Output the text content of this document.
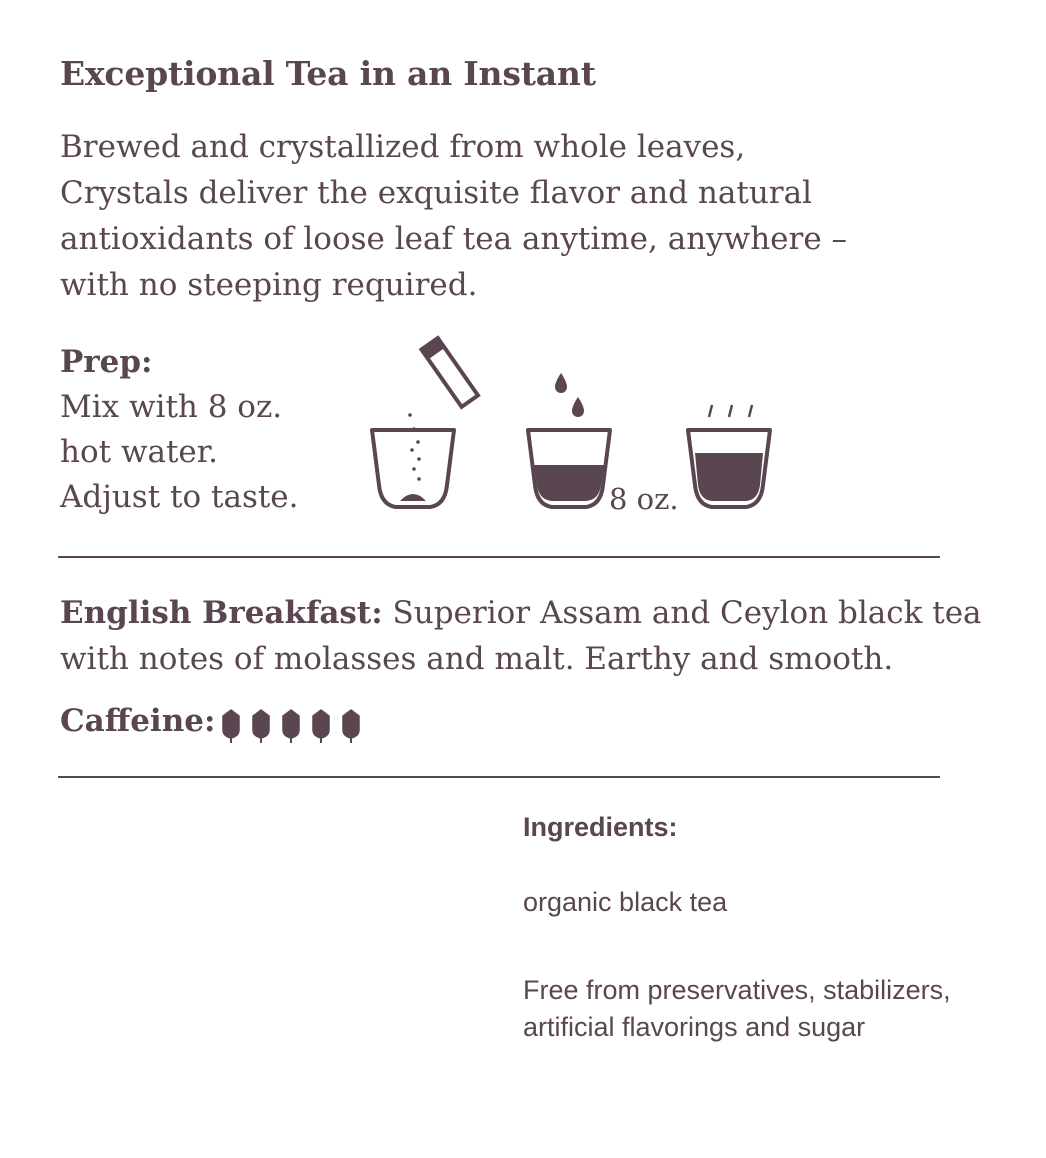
Exceptional Tea in an Instant
Brewed and crystallized from whole leaves,
Crystals deliver the exquisite flavor and natural
antioxidants of loose leaf tea anytime, anywhere –
with no steeping required.
Prep:
Mix with 8 oz.
hot water.
Adjust to taste.	8 oz.
English Breakfast: Superior Assam and Ceylon black tea
with notes of molasses and malt. Earthy and smooth.
Caffeine:
Ingredients:
organic black tea
Free from preservatives, stabilizers,
artificial flavorings and sugar
